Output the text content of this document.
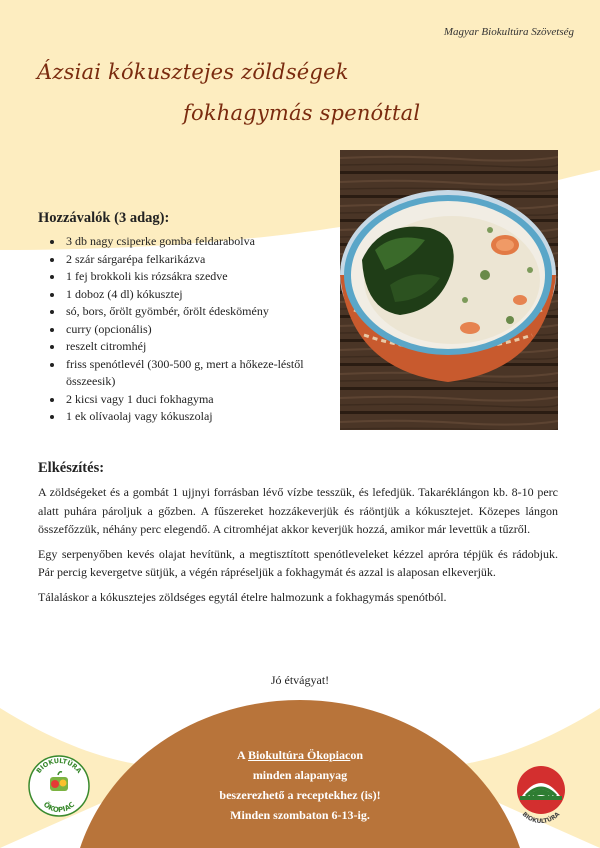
Magyar Biokultúra Szövetség
Ázsiai kókusztejes zöldségek
fokhagymás spenóttal
Hozzávalók (3 adag):
• 3 db nagy csiperke gomba feldarabolva
• 2 szár sárgarépa felkarikázva
• 1 fej brokkoli kis rózsákra szedve
• 1 doboz (4 dl) kókusztej
• só, bors, őrölt gyömbér, őrölt édeskömény
• curry (opcionális)
• reszelt citromhéj
• friss spenótlevél (300-500 g, mert a hőkeze-léstől összeesik)
• 2 kicsi vagy 1 duci fokhagyma
• 1 ek olívaolaj vagy kókuszolaj
Elkészítés:

A zöldségeket és a gombát 1 ujjnyi forrásban lévő vízbe tesszük, és lefedjük. Takaréklángon kb. 8-10 perc alatt puhára pároljuk a gőzben. A fűszereket hozzákeverjük és ráöntjük a kókusztejet. Közepes lángon összefőzzük, néhány perc elegendő. A citromhéjat akkor keverjük hozzá, amikor már levettük a tűzről.

Egy serpenyőben kevés olajat hevítünk, a megtisztított spenótleveleket kézzel apróra tépjük és rádobjuk. Pár percig kevergetve sütjük, a végén rápréseljük a fokhagymát és azzal is alaposan elkeverjük.

Tálaláskor a kókusztejes zöldséges egytál ételre halmozunk a fokhagymás spenótból.

Jó étvágyat!
A Biokultúra Ökopiacon
minden alapanyag
beszerezhető a receptekhez (is)!
Minden szombaton 6-13-ig.
BIOKULTÚRA
ÖKOPIAC
BIOKULTÚRA
